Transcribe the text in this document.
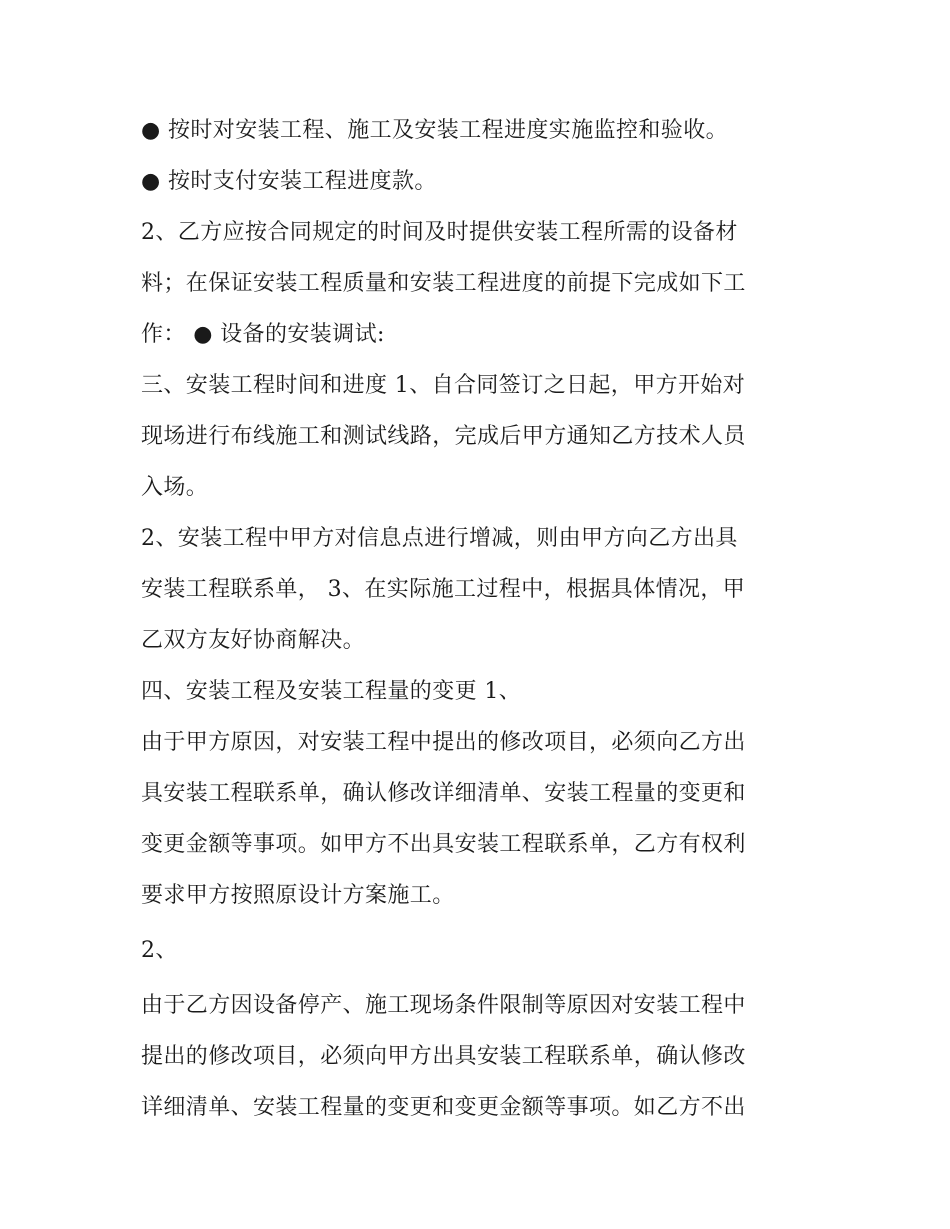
● 按时对安装工程、施工及安装工程进度实施监控和验收。
● 按时支付安装工程进度款。
2、乙方应按合同规定的时间及时提供安装工程所需的设备材
料；在保证安装工程质量和安装工程进度的前提下完成如下工
作： ● 设备的安装调试:
三、安装工程时间和进度 1、自合同签订之日起，甲方开始对
现场进行布线施工和测试线路，完成后甲方通知乙方技术人员
入场。
2、安装工程中甲方对信息点进行增减，则由甲方向乙方出具
安装工程联系单， 3、在实际施工过程中，根据具体情况，甲
乙双方友好协商解决。
四、安装工程及安装工程量的变更 1、
由于甲方原因，对安装工程中提出的修改项目，必须向乙方出
具安装工程联系单，确认修改详细清单、安装工程量的变更和
变更金额等事项。如甲方不出具安装工程联系单，乙方有权利
要求甲方按照原设计方案施工。
2、
由于乙方因设备停产、施工现场条件限制等原因对安装工程中
提出的修改项目，必须向甲方出具安装工程联系单，确认修改
详细清单、安装工程量的变更和变更金额等事项。如乙方不出
